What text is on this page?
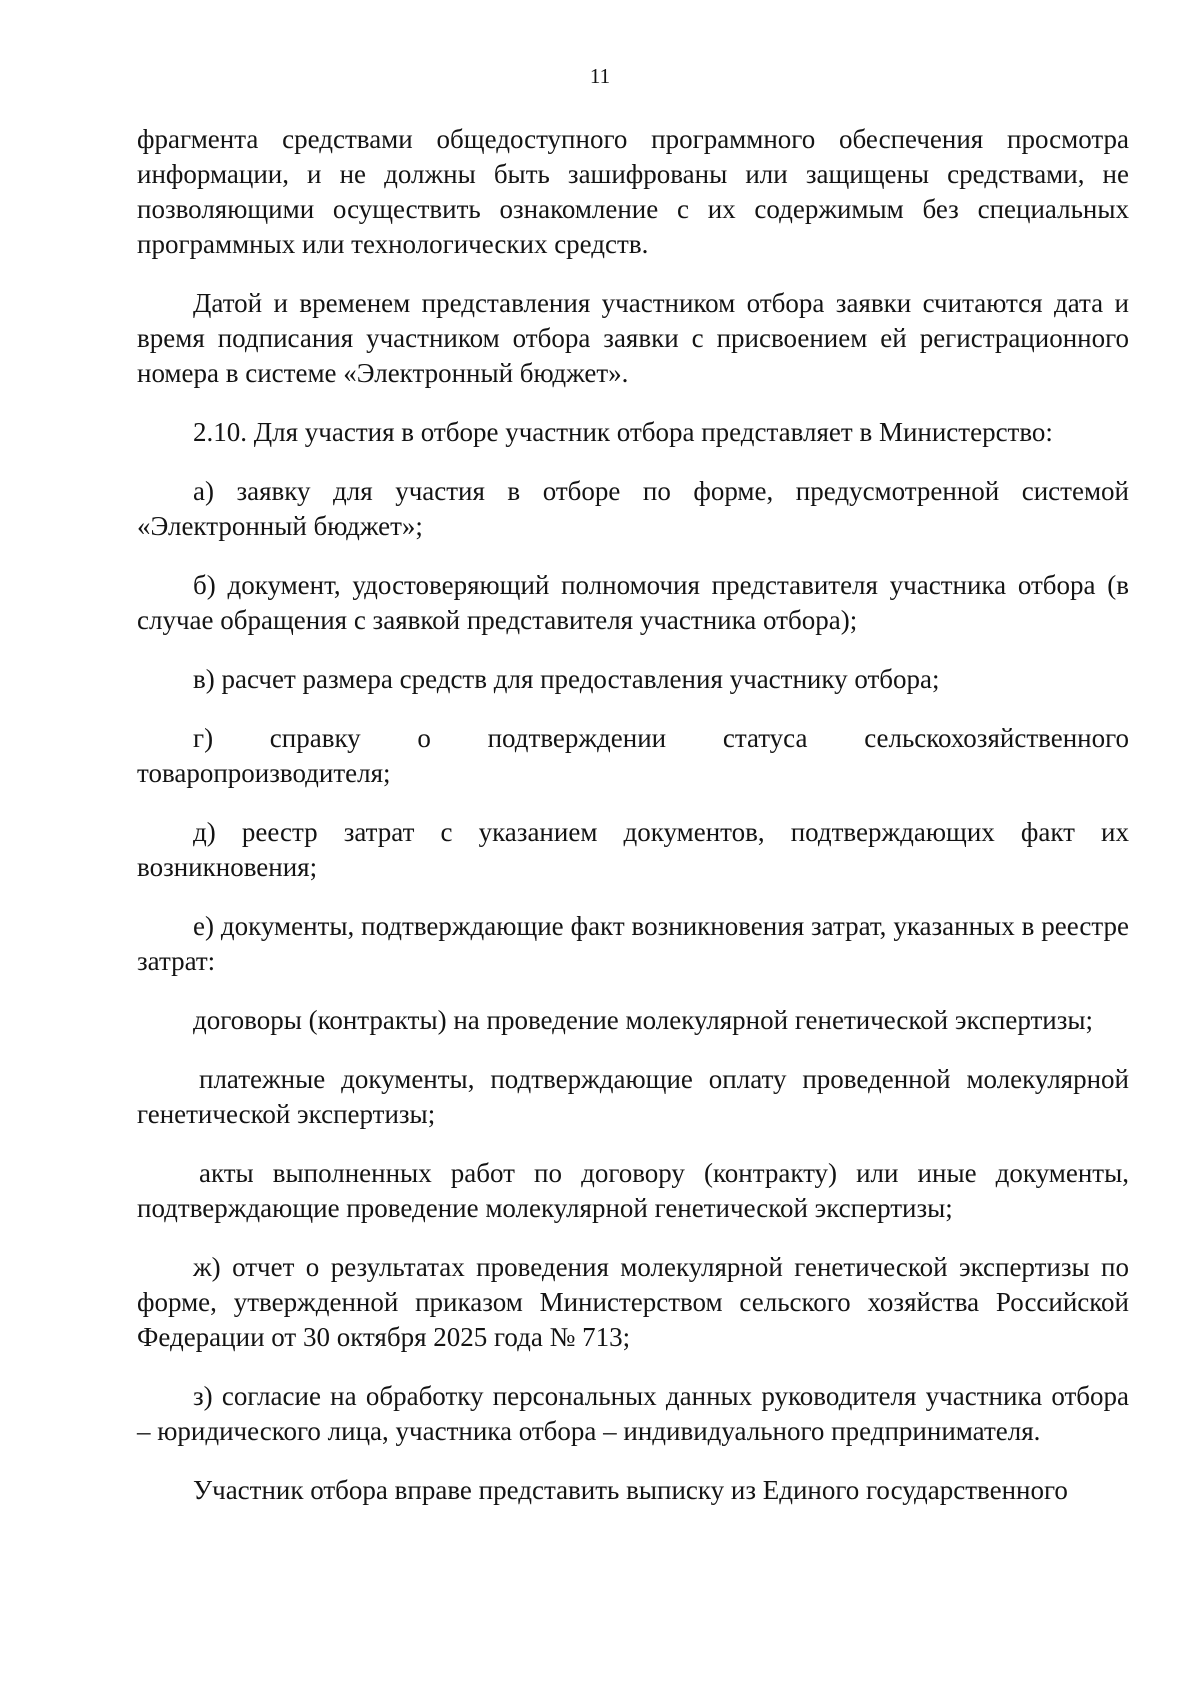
11

фрагмента средствами общедоступного программного обеспечения просмотра информации, и не должны быть зашифрованы или защищены средствами, не позволяющими осуществить ознакомление с их содержимым без специальных программных или технологических средств.

Датой и временем представления участником отбора заявки считаются дата и время подписания участником отбора заявки с присвоением ей регистрационного номера в системе «Электронный бюджет».

2.10. Для участия в отборе участник отбора представляет в Министерство:

а) заявку для участия в отборе по форме, предусмотренной системой «Электронный бюджет»;

б) документ, удостоверяющий полномочия представителя участника отбора (в случае обращения с заявкой представителя участника отбора);

в) расчет размера средств для предоставления участнику отбора;

г) справку о подтверждении статуса сельскохозяйственного товаропроизводителя;

д) реестр затрат с указанием документов, подтверждающих факт их возникновения;

е) документы, подтверждающие факт возникновения затрат, указанных в реестре затрат:

договоры (контракты) на проведение молекулярной генетической экспертизы;

платежные документы, подтверждающие оплату проведенной молекулярной генетической экспертизы;

акты выполненных работ по договору (контракту) или иные документы, подтверждающие проведение молекулярной генетической экспертизы;

ж) отчет о результатах проведения молекулярной генетической экспертизы по форме, утвержденной приказом Министерством сельского хозяйства Российской Федерации от 30 октября 2025 года № 713;

з) согласие на обработку персональных данных руководителя участника отбора – юридического лица, участника отбора – индивидуального предпринимателя.

Участник отбора вправе представить выписку из Единого государственного
